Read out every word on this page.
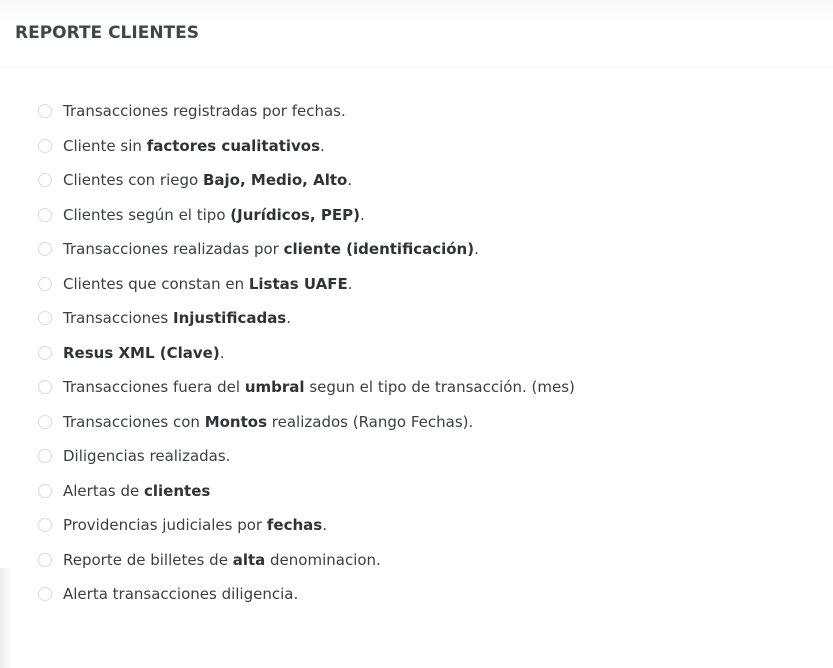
REPORTE CLIENTES
Transacciones registradas por fechas.
Cliente sin factores cualitativos.
Clientes con riego Bajo, Medio, Alto.
Clientes según el tipo (Jurídicos, PEP).
Transacciones realizadas por cliente (identificación).
Clientes que constan en Listas UAFE.
Transacciones Injustificadas.
Resus XML (Clave).
Transacciones fuera del umbral segun el tipo de transacción. (mes)
Transacciones con Montos realizados (Rango Fechas).
Diligencias realizadas.
Alertas de clientes
Providencias judiciales por fechas.
Reporte de billetes de alta denominacion.
Alerta transacciones diligencia.
